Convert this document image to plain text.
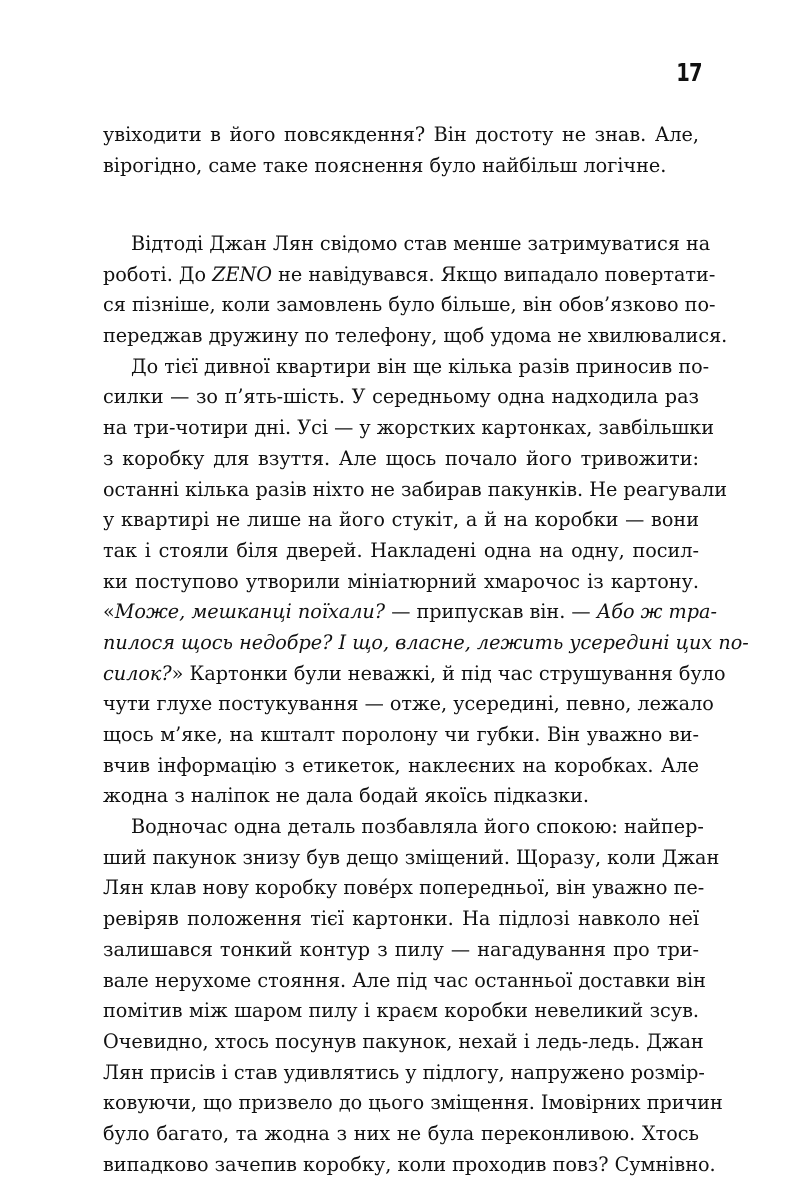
17
увіходити в його повсякдення? Він достоту не знав. Але,
вірогідно, саме таке пояснення було найбільш логічне.
Відтоді Джан Лян свідомо став менше затримуватися на
роботі. До ZENO не навідувався. Якщо випадало повертати-
ся пізніше, коли замовлень було більше, він обов’язково по-
переджав дружину по телефону, щоб удома не хвилювалися.
До тієї дивної квартири він ще кілька разів приносив по-
силки — зо п’ять-шість. У середньому одна надходила раз
на три-чотири дні. Усі — у жорстких картонках, завбільшки
з коробку для взуття. Але щось почало його тривожити:
останні кілька разів ніхто не забирав пакунків. Не реагували
у квартирі не лише на його стукіт, а й на коробки — вони
так і стояли біля дверей. Накладені одна на одну, посил-
ки поступово утворили мініатюрний хмарочос із картону.
«Може, мешканці поїхали? — припускав він. — Або ж тра-
пилося щось недобре? І що, власне, лежить усередині цих по-
силок?» Картонки були неважкі, й під час струшування було
чути глухе постукування — отже, усередині, певно, лежало
щось м’яке, на кшталт поролону чи губки. Він уважно ви-
вчив інформацію з етикеток, наклеєних на коробках. Але
жодна з наліпок не дала бодай якоїсь підказки.
Водночас одна деталь позбавляла його спокою: найпер-
ший пакунок знизу був дещо зміщений. Щоразу, коли Джан
Лян клав нову коробку пове́рх попередньої, він уважно пе-
ревіряв положення тієї картонки. На підлозі навколо неї
залишався тонкий контур з пилу — нагадування про три-
вале нерухоме стояння. Але під час останньої доставки він
помітив між шаром пилу і краєм коробки невеликий зсув.
Очевидно, хтось посунув пакунок, нехай і ледь-ледь. Джан
Лян присів і став удивлятись у підлогу, напружено розмір-
ковуючи, що призвело до цього зміщення. Імовірних причин
було багато, та жодна з них не була переконливою. Хтось
випадково зачепив коробку, коли проходив повз? Сумнівно.
